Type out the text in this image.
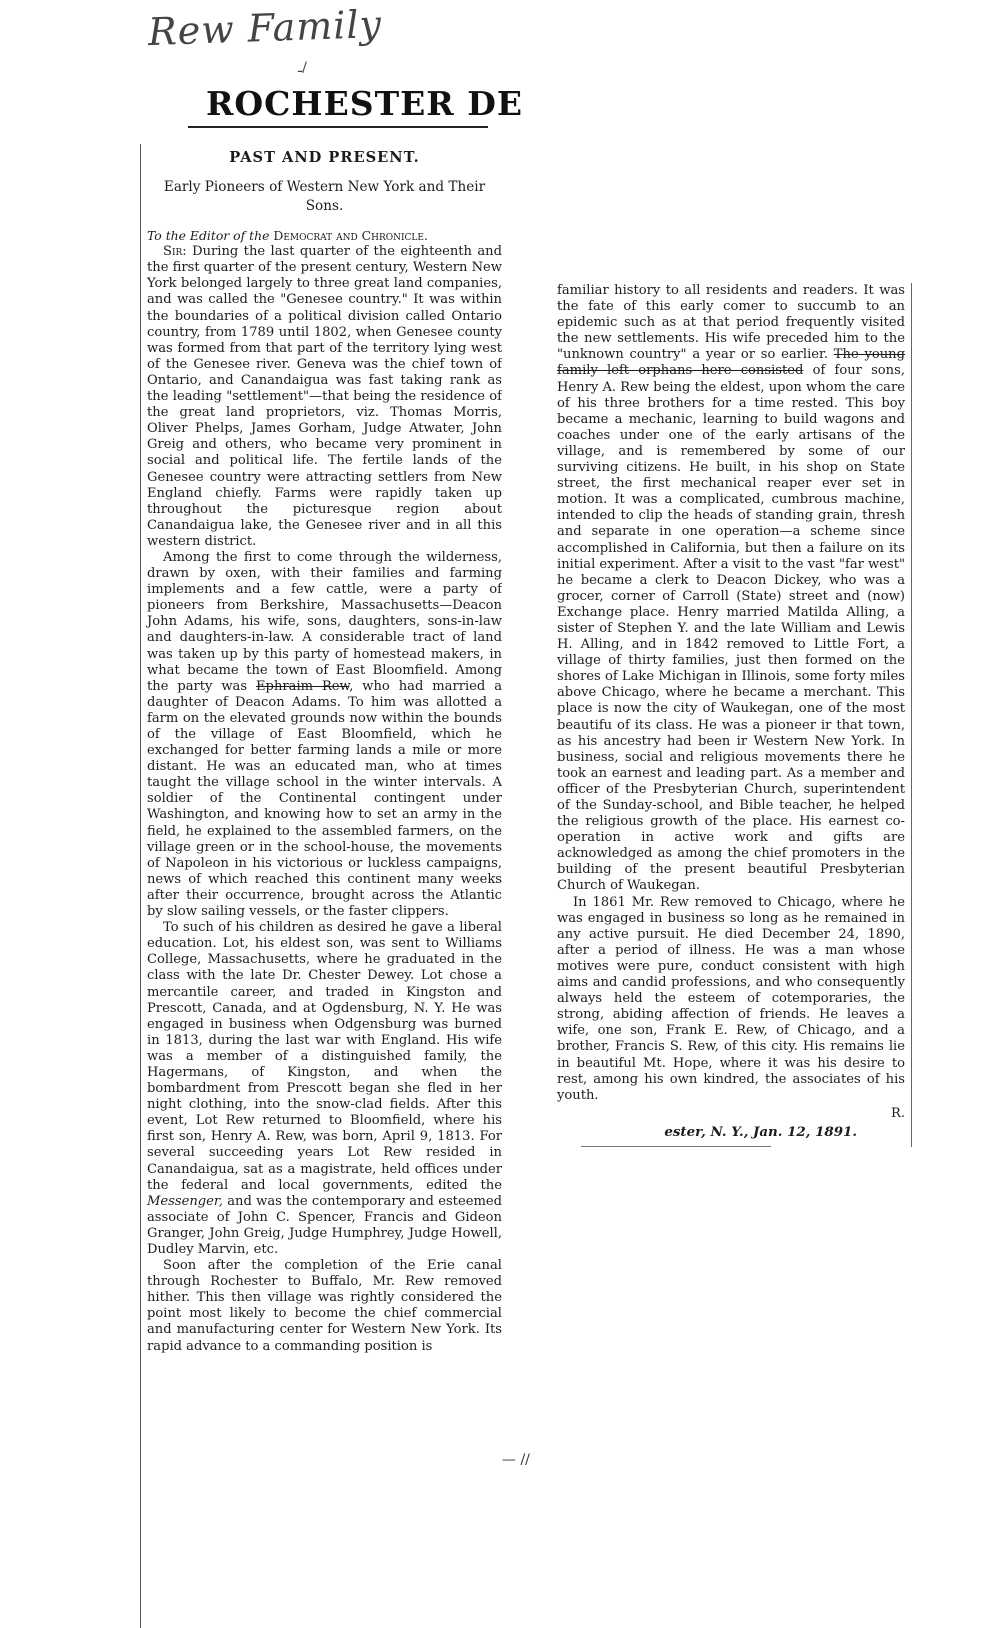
Rew Family
ـ/
ROCHESTER DE
PAST AND PRESENT.
Early Pioneers of Western New York and Their Sons.

To the Editor of the Democrat and Chronicle.

Sir: During the last quarter of the eighteenth and the first quarter of the present century, Western New York belonged largely to three great land companies, and was called the "Genesee country." It was within the boundaries of a political division called Ontario country, from 1789 until 1802, when Genesee county was formed from that part of the territory lying west of the Genesee river. Geneva was the chief town of Ontario, and Canandaigua was fast taking rank as the leading "settlement"—that being the residence of the great land proprietors, viz. Thomas Morris, Oliver Phelps, James Gorham, Judge Atwater, John Greig and others, who became very prominent in social and political life. The fertile lands of the Genesee country were attracting settlers from New England chiefly. Farms were rapidly taken up throughout the picturesque region about Canandaigua lake, the Genesee river and in all this western district.

Among the first to come through the wilderness, drawn by oxen, with their families and farming implements and a few cattle, were a party of pioneers from Berkshire, Massachusetts—Deacon John Adams, his wife, sons, daughters, sons-in-law and daughters-in-law. A considerable tract of land was taken up by this party of homestead makers, in what became the town of East Bloomfield. Among the party was Ephraim Rew, who had married a daughter of Deacon Adams. To him was allotted a farm on the elevated grounds now within the bounds of the village of East Bloomfield, which he exchanged for better farming lands a mile or more distant. He was an educated man, who at times taught the village school in the winter intervals. A soldier of the Continental contingent under Washington, and knowing how to set an army in the field, he explained to the assembled farmers, on the village green or in the school-house, the movements of Napoleon in his victorious or luckless campaigns, news of which reached this continent many weeks after their occurrence, brought across the Atlantic by slow sailing vessels, or the faster clippers.

To such of his children as desired he gave a liberal education. Lot, his eldest son, was sent to Williams College, Massachusetts, where he graduated in the class with the late Dr. Chester Dewey. Lot chose a mercantile career, and traded in Kingston and Prescott, Canada, and at Ogdensburg, N. Y. He was engaged in business when Odgensburg was burned in 1813, during the last war with England. His wife was a member of a distinguished family, the Hagermans, of Kingston, and when the bombardment from Prescott began she fled in her night clothing, into the snow-clad fields. After this event, Lot Rew returned to Bloomfield, where his first son, Henry A. Rew, was born, April 9, 1813. For several succeeding years Lot Rew resided in Canandaigua, sat as a magistrate, held offices under the federal and local governments, edited the Messenger, and was the contemporary and esteemed associate of John C. Spencer, Francis and Gideon Granger, John Greig, Judge Humphrey, Judge Howell, Dudley Marvin, etc.

Soon after the completion of the Erie canal through Rochester to Buffalo, Mr. Rew removed hither. This then village was rightly considered the point most likely to become the chief commercial and manufacturing center for Western New York. Its rapid advance to a commanding position is

familiar history to all residents and readers. It was the fate of this early comer to succumb to an epidemic such as at that period frequently visited the new settlements. His wife preceded him to the "unknown country" a year or so earlier. The young family left orphans here consisted of four sons, Henry A. Rew being the eldest, upon whom the care of his three brothers for a time rested. This boy became a mechanic, learning to build wagons and coaches under one of the early artisans of the village, and is remembered by some of our surviving citizens. He built, in his shop on State street, the first mechanical reaper ever set in motion. It was a complicated, cumbrous machine, intended to clip the heads of standing grain, thresh and separate in one operation—a scheme since accomplished in California, but then a failure on its initial experiment. After a visit to the vast "far west" he became a clerk to Deacon Dickey, who was a grocer, corner of Carroll (State) street and (now) Exchange place. Henry married Matilda Alling, a sister of Stephen Y. and the late William and Lewis H. Alling, and in 1842 removed to Little Fort, a village of thirty families, just then formed on the shores of Lake Michigan in Illinois, some forty miles above Chicago, where he became a merchant. This place is now the city of Waukegan, one of the most beautifu of its class. He was a pioneer ir that town, as his ancestry had been ir Western New York. In business, social and religious movements there he took an earnest and leading part. As a member and officer of the Presbyterian Church, superintendent of the Sunday-school, and Bible teacher, he helped the religious growth of the place. His earnest co-operation in active work and gifts are acknowledged as among the chief promoters in the building of the present beautiful Presbyterian Church of Waukegan.

In 1861 Mr. Rew removed to Chicago, where he was engaged in business so long as he remained in any active pursuit. He died December 24, 1890, after a period of illness. He was a man whose motives were pure, conduct consistent with high aims and candid professions, and who consequently always held the esteem of cotemporaries, the strong, abiding affection of friends. He leaves a wife, one son, Frank E. Rew, of Chicago, and a brother, Francis S. Rew, of this city. His remains lie in beautiful Mt. Hope, where it was his desire to rest, among his own kindred, the associates of his youth.

R.
ester, N. Y., Jan. 12, 1891.
— //
